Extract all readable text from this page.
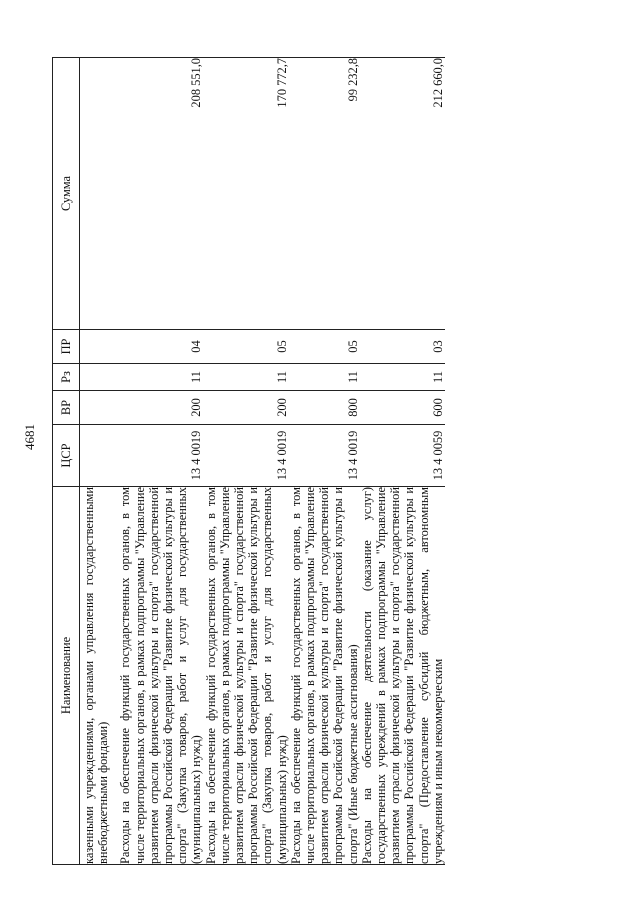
4681
Наименование	ЦСР	ВР	Рз	ПР	Сумма

казенными учреждениями, органами управления государственными внебюджетными фондами)					

Расходы на обеспечение функций государственных органов, в том числе территориальных органов, в рамках подпрограммы "Управление развитием отрасли физической культуры и спорта" государственной программы Российской Федерации "Развитие физической культуры и спорта" (Закупка товаров, работ и услуг для государственных (муниципальных) нужд)	13 4 0019	200	11	04	208 551,0

Расходы на обеспечение функций государственных органов, в том числе территориальных органов, в рамках подпрограммы "Управление развитием отрасли физической культуры и спорта" государственной программы Российской Федерации "Развитие физической культуры и спорта" (Закупка товаров, работ и услуг для государственных (муниципальных) нужд)	13 4 0019	200	11	05	170 772,7

Расходы на обеспечение функций государственных органов, в том числе территориальных органов, в рамках подпрограммы "Управление развитием отрасли физической культуры и спорта" государственной программы Российской Федерации "Развитие физической культуры и спорта" (Иные бюджетные ассигнования)	13 4 0019	800	11	05	99 232,8

Расходы на обеспечение деятельности (оказание услуг) государственных учреждений в рамках подпрограммы "Управление развитием отрасли физической культуры и спорта" государственной программы Российской Федерации "Развитие физической культуры и спорта" (Предоставление субсидий бюджетным, автономным учреждениям и иным некоммерческим	13 4 0059	600	11	03	212 660,0
